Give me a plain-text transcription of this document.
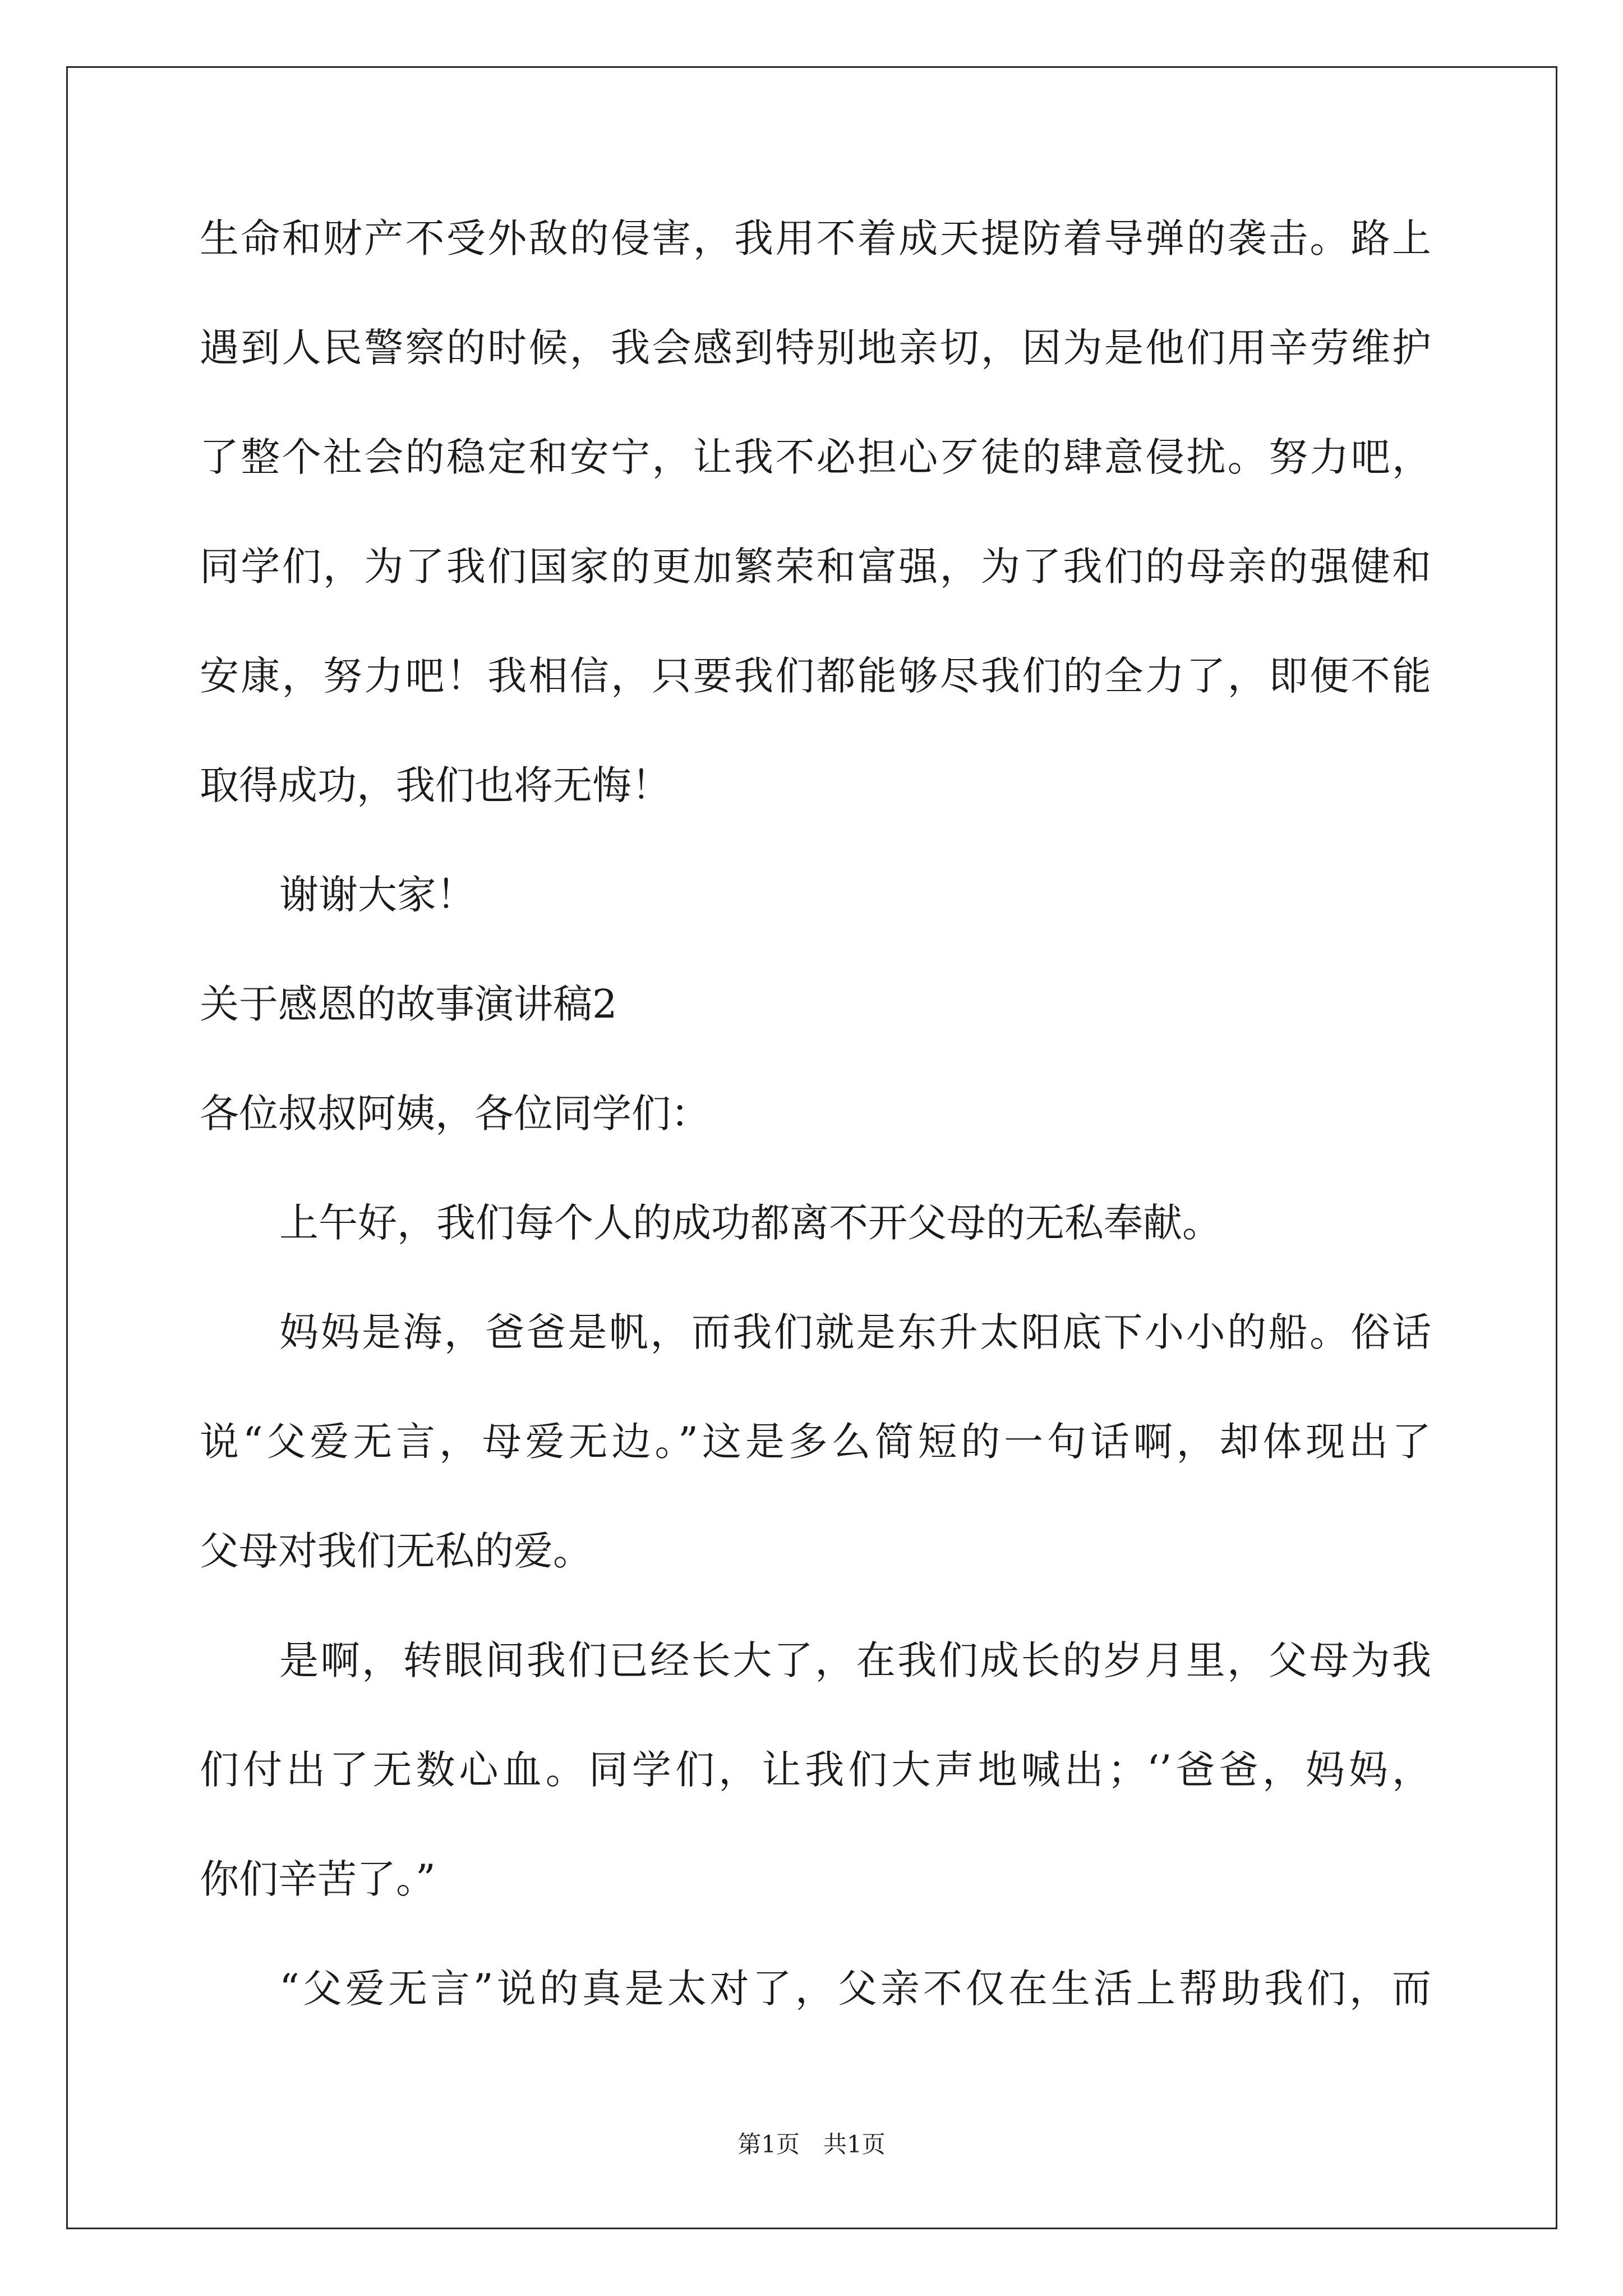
生命和财产不受外敌的侵害，我用不着成天提防着导弹的袭击。路上
遇到人民警察的时候，我会感到特别地亲切，因为是他们用辛劳维护
了整个社会的稳定和安宁，让我不必担心歹徒的肆意侵扰。努力吧，
同学们，为了我们国家的更加繁荣和富强，为了我们的母亲的强健和
安康，努力吧！我相信，只要我们都能够尽我们的全力了，即便不能
取得成功，我们也将无悔！
谢谢大家！
关于感恩的故事演讲稿2
各位叔叔阿姨，各位同学们：
上午好，我们每个人的成功都离不开父母的无私奉献。
妈妈是海，爸爸是帆，而我们就是东升太阳底下小小的船。俗话
说“父爱无言，母爱无边。”这是多么简短的一句话啊，却体现出了
父母对我们无私的爱。
是啊，转眼间我们已经长大了，在我们成长的岁月里，父母为我
们付出了无数心血。同学们，让我们大声地喊出；‘’爸爸，妈妈，
你们辛苦了。”
“父爱无言”说的真是太对了，父亲不仅在生活上帮助我们，而
第1页　共1页
